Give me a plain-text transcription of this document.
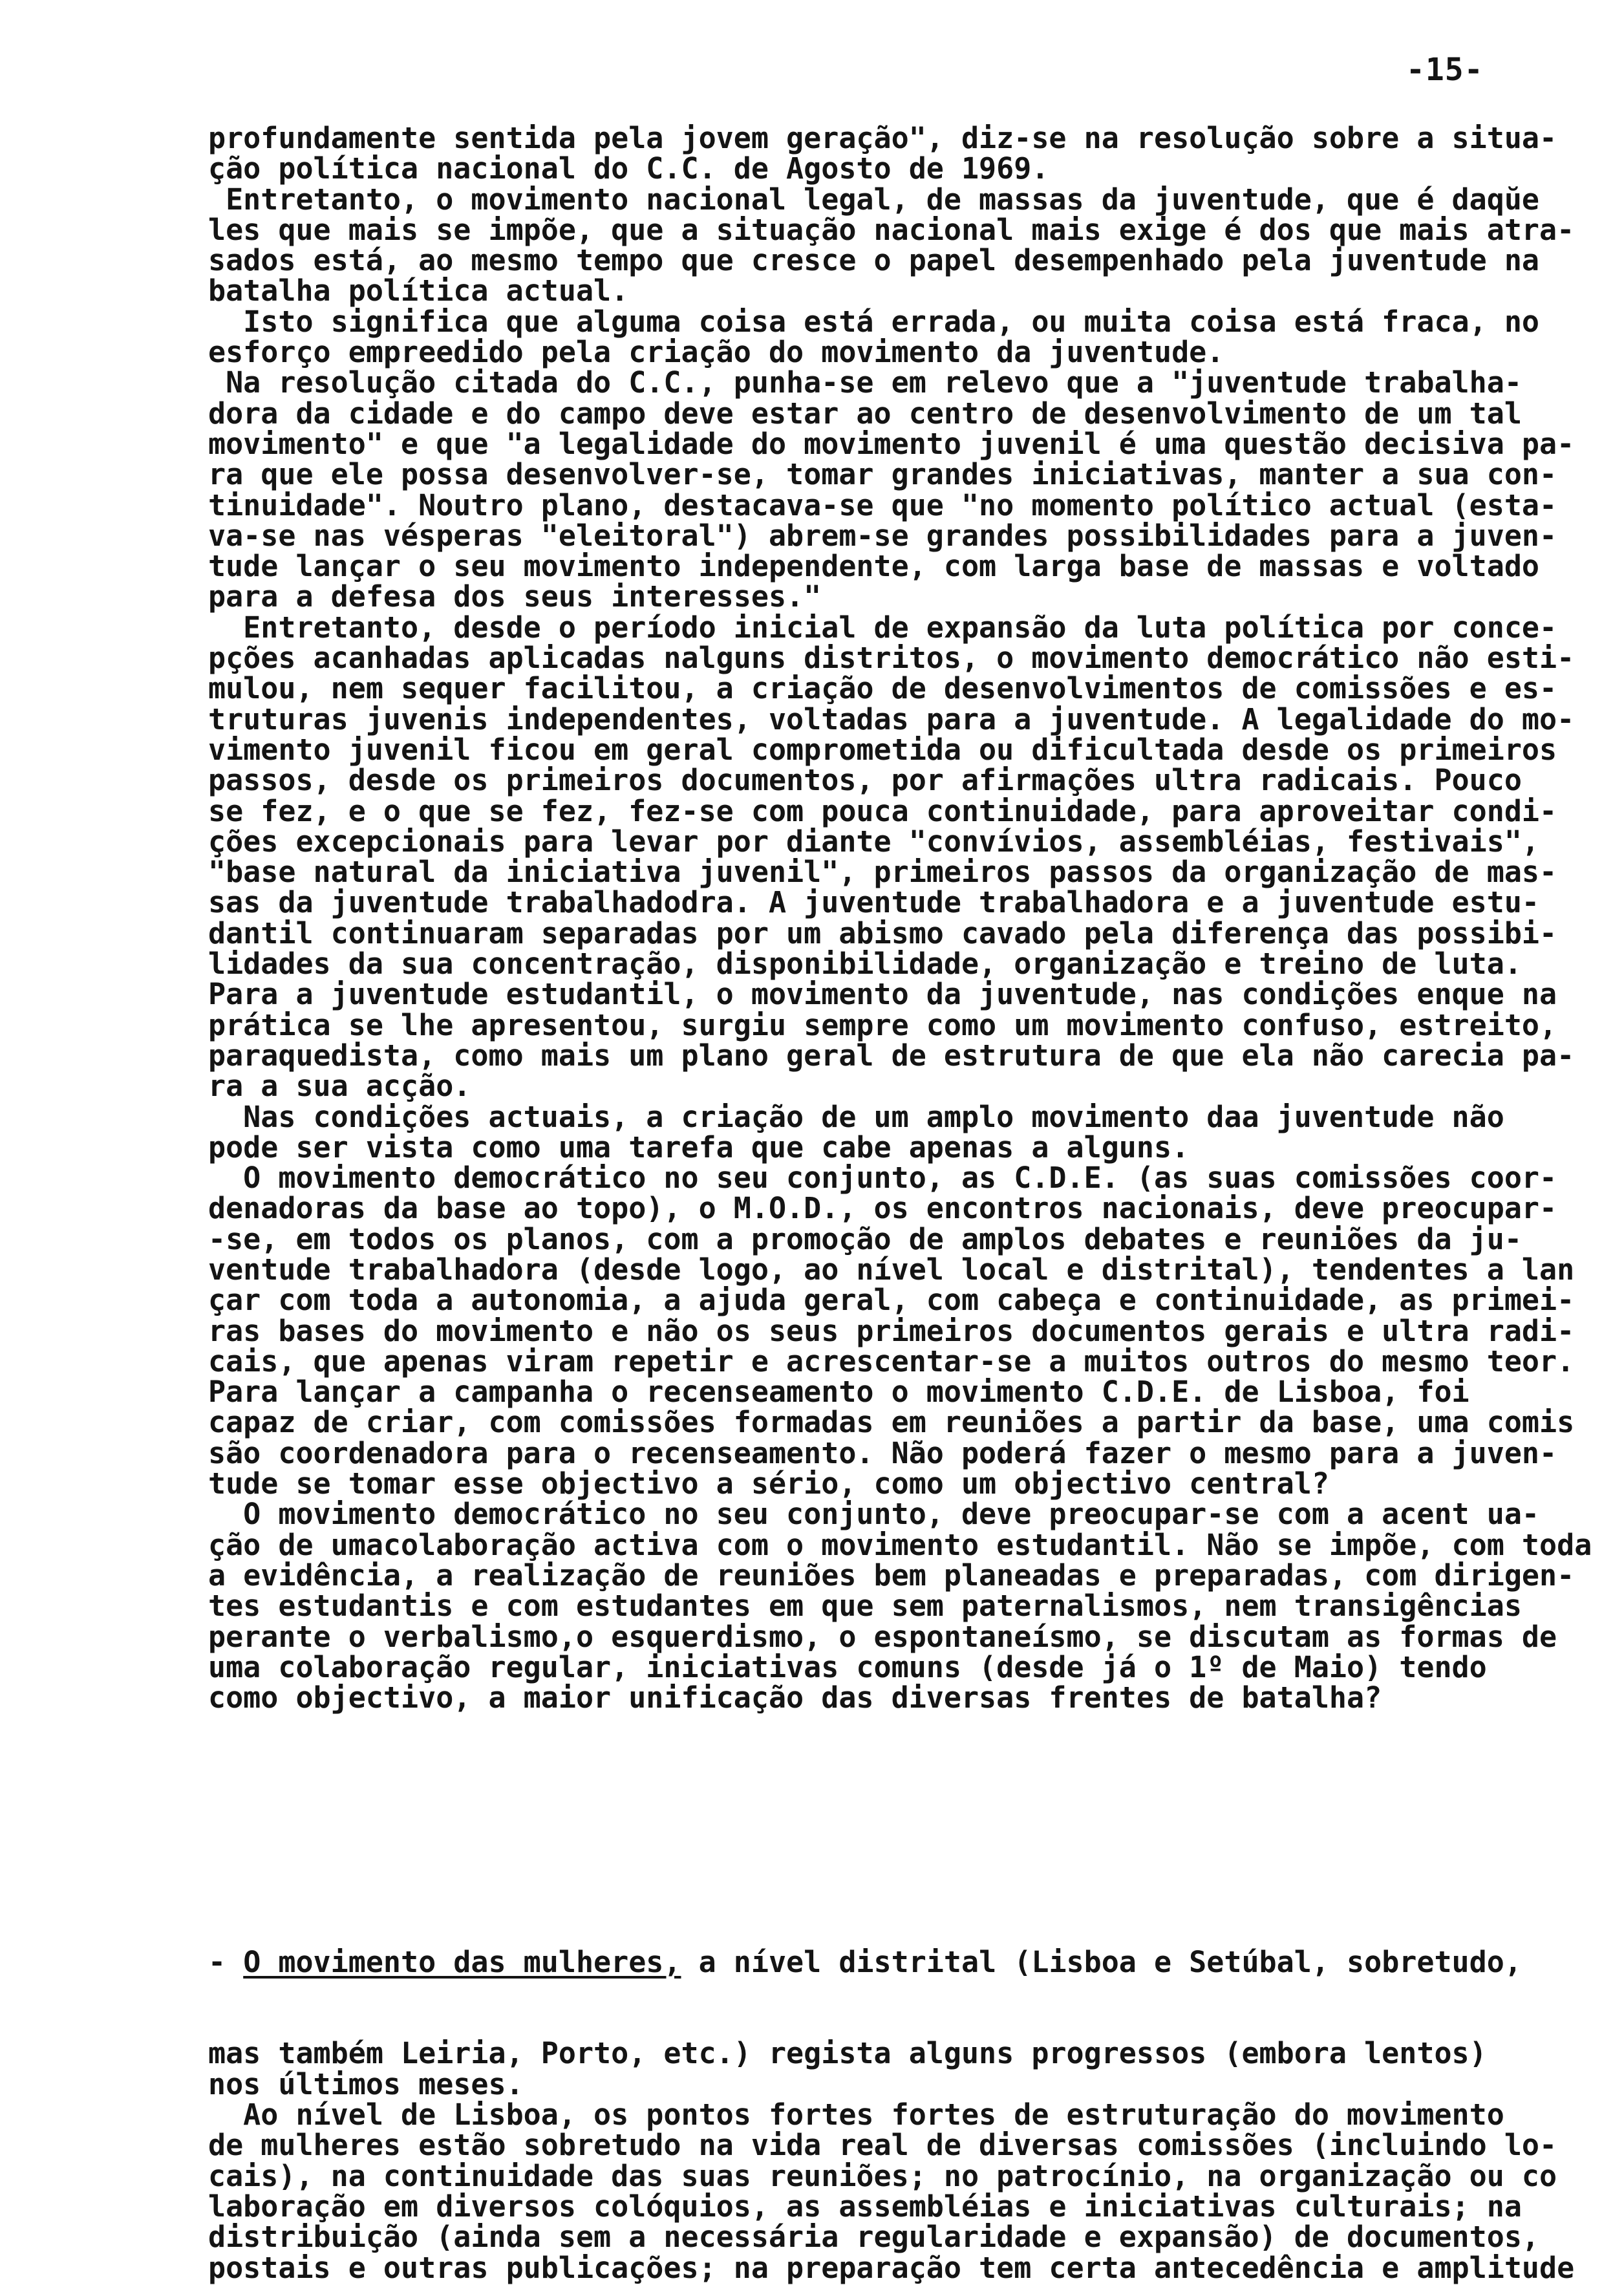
-15-
profundamente sentida pela jovem geração", diz-se na resolução sobre a situa-
ção política nacional do C.C. de Agosto de 1969.
Entretanto, o movimento nacional legal, de massas da juventude, que é daqŭe
les que mais se impõe, que a situação nacional mais exige é dos que mais atra-
sados está, ao mesmo tempo que cresce o papel desempenhado pela juventude na
batalha política actual.
Isto significa que alguma coisa está errada, ou muita coisa está fraca, no
esforço empreedido pela criação do movimento da juventude.
Na resolução citada do C.C., punha-se em relevo que a "juventude trabalha-
dora da cidade e do campo deve estar ao centro de desenvolvimento de um tal
movimento" e que "a legalidade do movimento juvenil é uma questão decisiva pa-
ra que ele possa desenvolver-se, tomar grandes iniciativas, manter a sua con-
tinuidade". Noutro plano, destacava-se que "no momento político actual (esta-
va-se nas vésperas "eleitoral") abrem-se grandes possibilidades para a juven-
tude lançar o seu movimento independente, com larga base de massas e voltado
para a defesa dos seus interesses."
Entretanto, desde o período inicial de expansão da luta política por conce-
pções acanhadas aplicadas nalguns distritos, o movimento democrático não esti-
mulou, nem sequer facilitou, a criação de desenvolvimentos de comissões e es-
truturas juvenis independentes, voltadas para a juventude. A legalidade do mo-
vimento juvenil ficou em geral comprometida ou dificultada desde os primeiros
passos, desde os primeiros documentos, por afirmações ultra radicais. Pouco
se fez, e o que se fez, fez-se com pouca continuidade, para aproveitar condi-
ções excepcionais para levar por diante "convívios, assembléias, festivais",
"base natural da iniciativa juvenil", primeiros passos da organização de mas-
sas da juventude trabalhadodra. A juventude trabalhadora e a juventude estu-
dantil continuaram separadas por um abismo cavado pela diferença das possibi-
lidades da sua concentração, disponibilidade, organização e treino de luta.
Para a juventude estudantil, o movimento da juventude, nas condições enque na
prática se lhe apresentou, surgiu sempre como um movimento confuso, estreito,
paraquedista, como mais um plano geral de estrutura de que ela não carecia pa-
ra a sua acção.
Nas condições actuais, a criação de um amplo movimento daa juventude não
pode ser vista como uma tarefa que cabe apenas a alguns.
O movimento democrático no seu conjunto, as C.D.E. (as suas comissões coor-
denadoras da base ao topo), o M.O.D., os encontros nacionais, deve preocupar-
-se, em todos os planos, com a promoção de amplos debates e reuniões da ju-
ventude trabalhadora (desde logo, ao nível local e distrital), tendentes a lan
çar com toda a autonomia, a ajuda geral, com cabeça e continuidade, as primei-
ras bases do movimento e não os seus primeiros documentos gerais e ultra radi-
cais, que apenas viram repetir e acrescentar-se a muitos outros do mesmo teor.
Para lançar a campanha o recenseamento o movimento C.D.E. de Lisboa, foi
capaz de criar, com comissões formadas em reuniões a partir da base, uma comis
são coordenadora para o recenseamento. Não poderá fazer o mesmo para a juven-
tude se tomar esse objectivo a sério, como um objectivo central?
O movimento democrático no seu conjunto, deve preocupar-se com a acent ua-
ção de umacolaboração activa com o movimento estudantil. Não se impõe, com toda
a evidência, a realização de reuniões bem planeadas e preparadas, com dirigen-
tes estudantis e com estudantes em que sem paternalismos, nem transigências
perante o verbalismo,o esquerdismo, o espontaneísmo, se discutam as formas de
uma colaboração regular, iniciativas comuns (desde já o 1º de Maio) tendo
como objectivo, a maior unificação das diversas frentes de batalha?

- O movimento das mulheres, a nível distrital (Lisboa e Setúbal, sobretudo,

mas também Leiria, Porto, etc.) regista alguns progressos (embora lentos)
nos últimos meses.
Ao nível de Lisboa, os pontos fortes fortes de estruturação do movimento
de mulheres estão sobretudo na vida real de diversas comissões (incluindo lo-
cais), na continuidade das suas reuniões; no patrocínio, na organização ou co
laboração em diversos colóquios, as assembléias e iniciativas culturais; na
distribuição (ainda sem a necessária regularidade e expansão) de documentos,
postais e outras publicações; na preparação tem certa antecedência e amplitude
